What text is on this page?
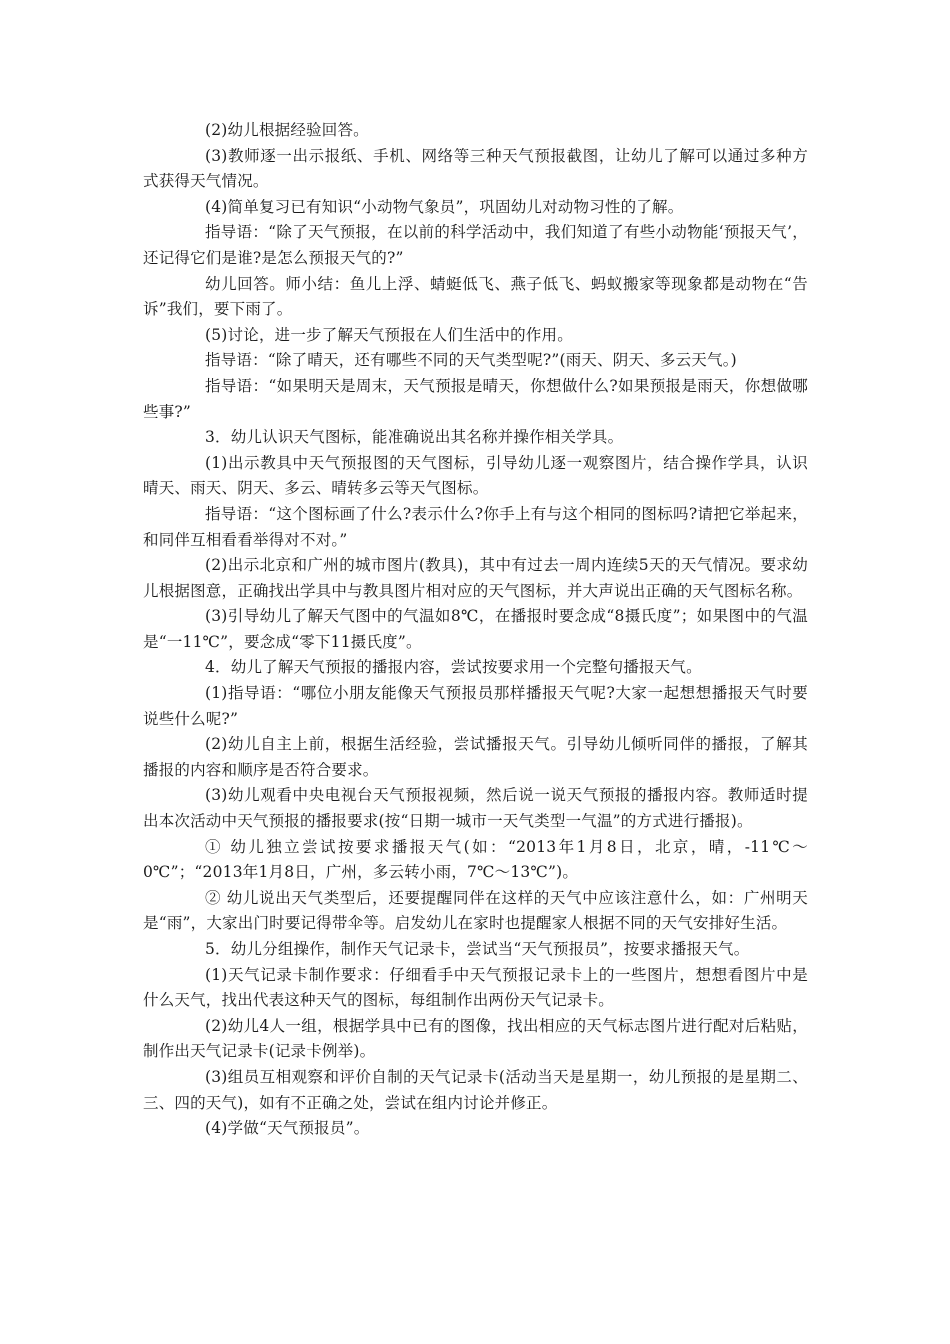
(2)幼儿根据经验回答。

(3)教师逐一出示报纸、手机、网络等三种天气预报截图，让幼儿了解可以通过多种方式获得天气情况。

(4)简单复习已有知识“小动物气象员”，巩固幼儿对动物习性的了解。

指导语：“除了天气预报，在以前的科学活动中，我们知道了有些小动物能‘预报天气’，还记得它们是谁?是怎么预报天气的?”

幼儿回答。师小结：鱼儿上浮、蜻蜓低飞、燕子低飞、蚂蚁搬家等现象都是动物在“告诉”我们，要下雨了。

(5)讨论，进一步了解天气预报在人们生活中的作用。

指导语：“除了晴天，还有哪些不同的天气类型呢?”(雨天、阴天、多云天气。)

指导语：“如果明天是周末，天气预报是晴天，你想做什么?如果预报是雨天，你想做哪些事?”

3．幼儿认识天气图标，能准确说出其名称并操作相关学具。

(1)出示教具中天气预报图的天气图标，引导幼儿逐一观察图片，结合操作学具，认识晴天、雨天、阴天、多云、晴转多云等天气图标。

指导语：“这个图标画了什么?表示什么?你手上有与这个相同的图标吗?请把它举起来，和同伴互相看看举得对不对。”

(2)出示北京和广州的城市图片(教具)，其中有过去一周内连续5天的天气情况。要求幼儿根据图意，正确找出学具中与教具图片相对应的天气图标，并大声说出正确的天气图标名称。

(3)引导幼儿了解天气图中的气温如8℃，在播报时要念成“8摄氏度”；如果图中的气温是“一11℃”，要念成“零下11摄氏度”。

4．幼儿了解天气预报的播报内容，尝试按要求用一个完整句播报天气。

(1)指导语：“哪位小朋友能像天气预报员那样播报天气呢?大家一起想想播报天气时要说些什么呢?”

(2)幼儿自主上前，根据生活经验，尝试播报天气。引导幼儿倾听同伴的播报，了解其播报的内容和顺序是否符合要求。

(3)幼儿观看中央电视台天气预报视频，然后说一说天气预报的播报内容。教师适时提出本次活动中天气预报的播报要求(按“日期一城市一天气类型一气温”的方式进行播报)。

① 幼儿独立尝试按要求播报天气(如：“2013年1月8日，北京，晴，-11℃～0℃”；“2013年1月8日，广州，多云转小雨，7℃～13℃”)。

② 幼儿说出天气类型后，还要提醒同伴在这样的天气中应该注意什么，如：广州明天是“雨”，大家出门时要记得带伞等。启发幼儿在家时也提醒家人根据不同的天气安排好生活。

5．幼儿分组操作，制作天气记录卡，尝试当“天气预报员”，按要求播报天气。

(1)天气记录卡制作要求：仔细看手中天气预报记录卡上的一些图片，想想看图片中是什么天气，找出代表这种天气的图标，每组制作出两份天气记录卡。

(2)幼儿4人一组，根据学具中已有的图像，找出相应的天气标志图片进行配对后粘贴，制作出天气记录卡(记录卡例举)。

(3)组员互相观察和评价自制的天气记录卡(活动当天是星期一，幼儿预报的是星期二、三、四的天气)，如有不正确之处，尝试在组内讨论并修正。

(4)学做“天气预报员”。
